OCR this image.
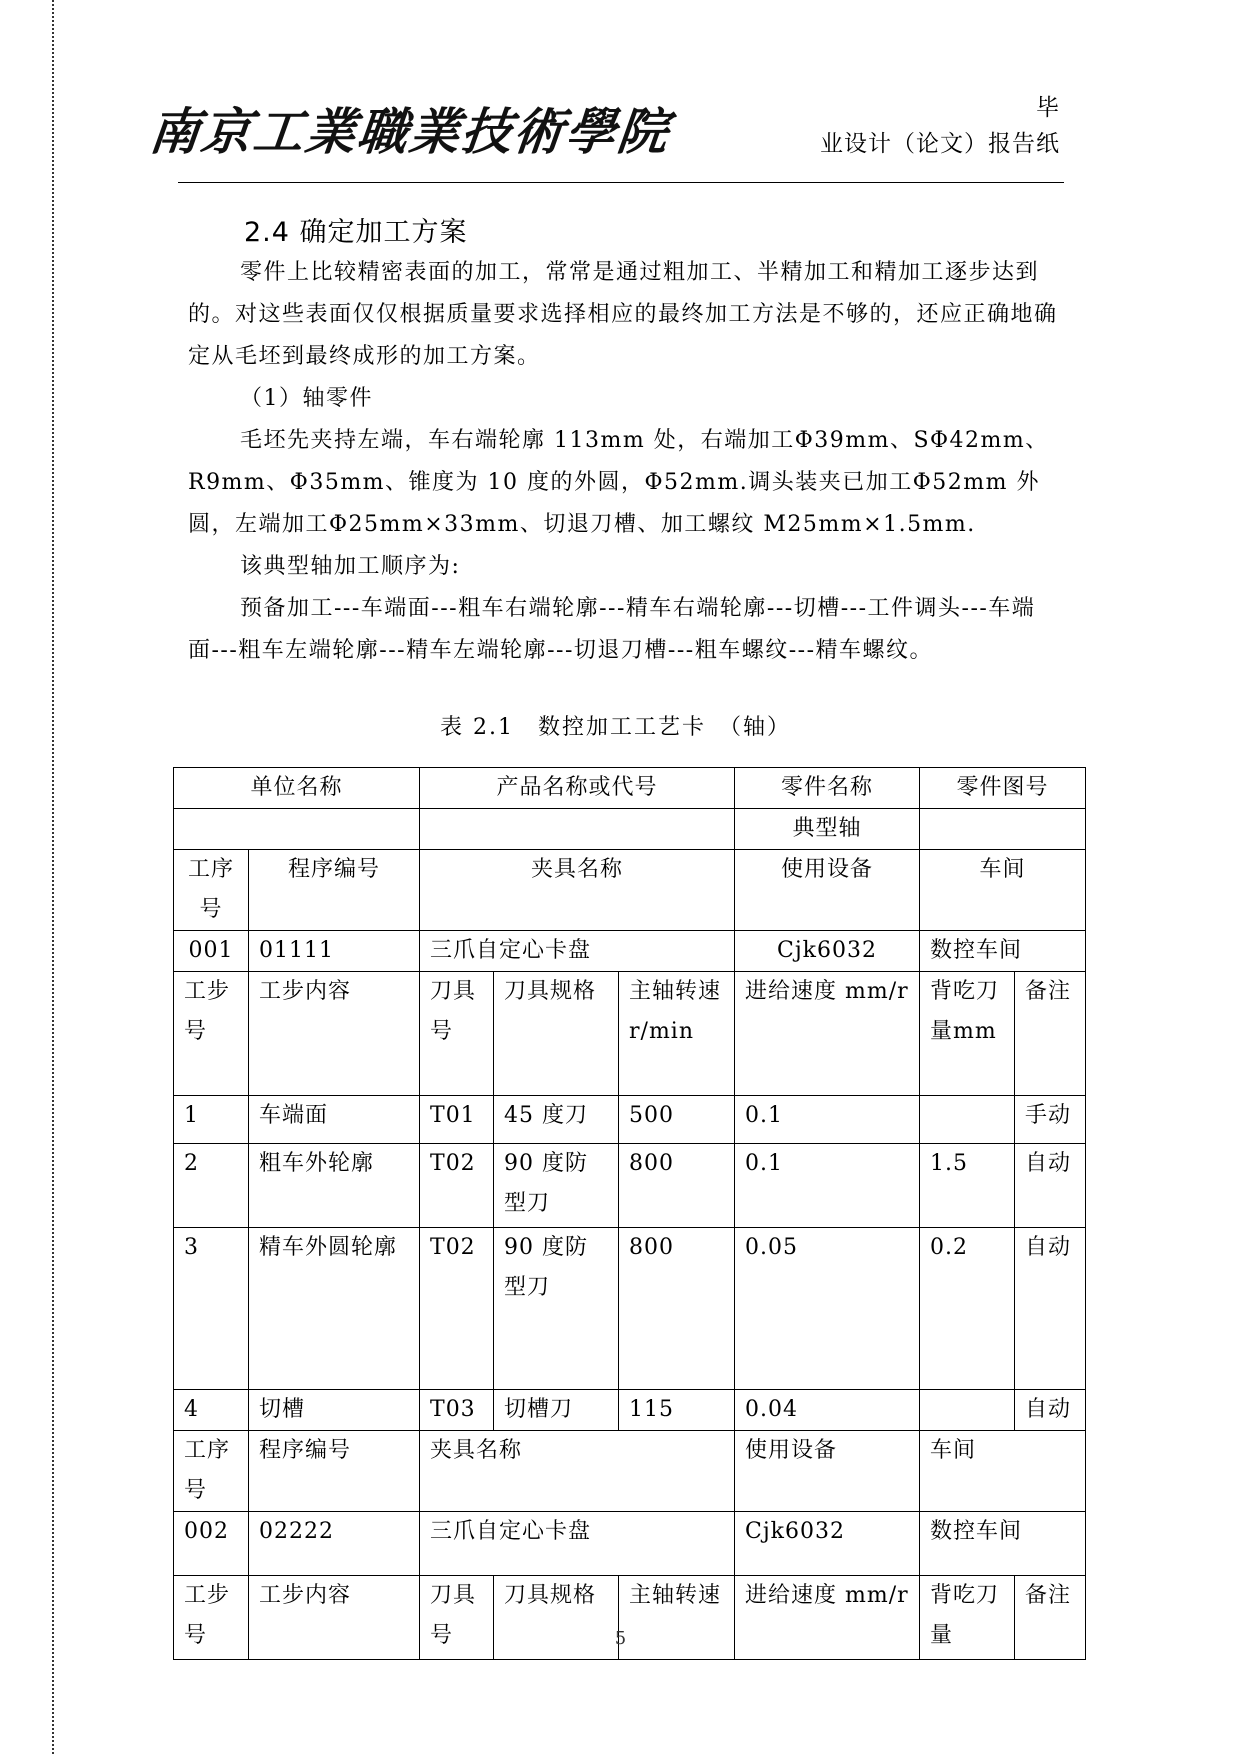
南京工業職業技術學院	毕
业设计（论文）报告纸
2.4 确定加工方案

零件上比较精密表面的加工，常常是通过粗加工、半精加工和精加工逐步达到的。对这些表面仅仅根据质量要求选择相应的最终加工方法是不够的，还应正确地确定从毛坯到最终成形的加工方案。

（1）轴零件

毛坯先夹持左端，车右端轮廓 113mm 处，右端加工Φ39mm、SΦ42mm、R9mm、Φ35mm、锥度为 10 度的外圆，Φ52mm.调头装夹已加工Φ52mm 外圆，左端加工Φ25mm×33mm、切退刀槽、加工螺纹 M25mm×1.5mm.

该典型轴加工顺序为:

预备加工---车端面---粗车右端轮廓---精车右端轮廓---切槽---工件调头---车端面---粗车左端轮廓---精车左端轮廓---切退刀槽---粗车螺纹---精车螺纹。

表 2.1　数控加工工艺卡　（轴）
单位名称		产品名称或代号			零件名称	零件图号	
					典型轴		
工序号	程序编号	夹具名称			使用设备	车间	
001	01111	三爪自定心卡盘			Cjk6032	数控车间	
工步号	工步内容	刀具号	刀具规格	主轴转速r/min	进给速度 mm/r	背吃刀量mm	备注
1	车端面	T01	45 度刀	500	0.1		手动
2	粗车外轮廓	T02	90 度防型刀	800	0.1	1.5	自动
3	精车外圆轮廓	T02	90 度防型刀	800	0.05	0.2	自动
4	切槽	T03	切槽刀	115	0.04		自动
工序号	程序编号	夹具名称			使用设备	车间	
002	02222	三爪自定心卡盘			Cjk6032	数控车间	
工步号	工步内容	刀具号	刀具规格	主轴转速	进给速度 mm/r	背吃刀量	备注
5
